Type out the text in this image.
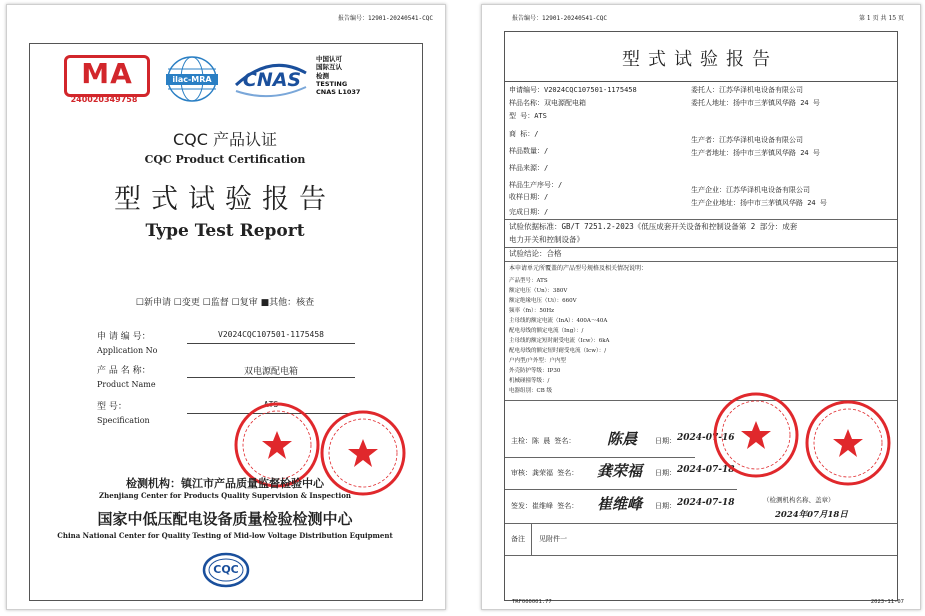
报告编号：12901-20240541-CQC
MA
240020349758
ilac-MRA	CNAS
中国认可
国际互认
检测
TESTING
CNAS L1037
CQC 产品认证
CQC Product Certification
型式试验报告
Type Test Report
☐新申请 ☐变更 ☐监督 ☐复审 ■其他：核查
申 请 编 号：	V2024CQC107501-1175458
Application No
产 品 名 称：	双电源配电箱
Product Name
型 号：	ATS
Specification
检测机构：镇江市产品质量监督检验中心
Zhenjiang Center for Products Quality Supervision & Inspection
国家中低压配电设备质量检验检测中心
China National Center for Quality Testing of Mid-low Voltage Distribution Equipment
CQC
报告编号：12901-20240541-CQC	第 1 页 共 15 页
型式试验报告
申请编号：V2024CQC107501-1175458
样品名称：双电源配电箱
型 号：ATS
商 标：/
样品数量：/
样品来源：/
样品生产序号：/
收样日期：/
完成日期：/
委托人：江苏华泽机电设备有限公司
委托人地址：扬中市三茅镇风华路 24 号
生产者：江苏华泽机电设备有限公司
生产者地址：扬中市三茅镇风华路 24 号
生产企业：江苏华泽机电设备有限公司
生产企业地址：扬中市三茅镇风华路 24 号
试验依据标准：GB/T 7251.2-2023《低压成套开关设备和控制设备第 2 部分：成套
电力开关和控制设备》
试验结论：合格
本申请单元所覆盖的产品型号规格及相关情况说明：
产品型号：ATS
额定电压（Un）：380V
额定绝缘电压（Ui）：660V
频率（fn）：50Hz
主母线的额定电流（InA）：400A～40A
配电母线的额定电流（Ing）：/
主母线的额定短时耐受电流（Icw）：6kA
配电母线的额定短时耐受电流（Icw）：/
户内型/户外型：户内型
外壳防护等级：IP30
机械碰撞等级：/
电器组别：CB 级
主检：陈 晨 签名： 陈晨	日期： 2024-07-16
审核：龚荣福 签名： 龚荣福 日期： 2024-07-18
签发：崔维峰 签名： 崔维峰 日期： 2024-07-18	（检测机构名称、盖章）
2024年07月18日
备注 见附件一
TRF000001.77	2023-11-07
